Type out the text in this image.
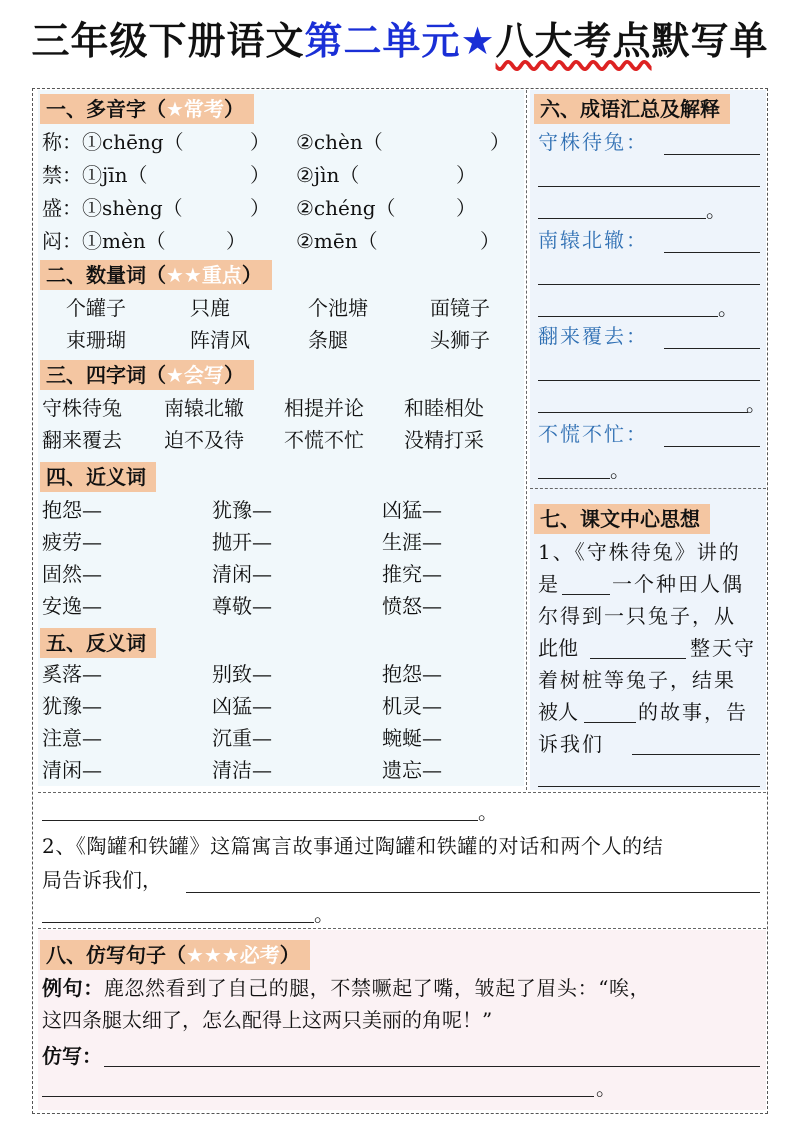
三年级下册语文第二单元★八大考点默写单
一、多音字（★常考）
称：①chēng（	） ②chèn（	）
禁：①jīn（	） ②jìn（	）
盛：①shèng（	） ②chéng（	）
闷：①mèn（	）	②mēn（	）
二、数量词（★★重点）
个罐子	只鹿	个池塘	面镜子
束珊瑚	阵清风	条腿	头狮子
三、四字词（★会写）
守株待兔 南辕北辙 相提并论 和睦相处
翻来覆去 迫不及待 不慌不忙 没精打采
四、近义词
抱怨—	犹豫—	凶猛—
疲劳—	抛开—	生涯—
固然—	清闲—	推究—
安逸—	尊敬—	愤怒—
五、反义词
奚落—	别致—	抱怨—
犹豫—	凶猛—	机灵—
注意—	沉重—	蜿蜒—
清闲—	清洁—	遗忘—
六、成语汇总及解释
守株待兔：
。
南辕北辙：
。
翻来覆去：
。
不慌不忙：
。
七、课文中心思想
1、《守株待兔》讲的
是	一个种田人偶
尔得到一只兔子，从
此他	整天守
着树桩等兔子，结果
被人	的故事，告
诉我们
。
2、《陶罐和铁罐》这篇寓言故事通过陶罐和铁罐的对话和两个人的结
局告诉我们，
。
八、仿写句子（★★★必考）
例句：鹿忽然看到了自己的腿，不禁噘起了嘴，皱起了眉头：“唉，
这四条腿太细了，怎么配得上这两只美丽的角呢！”
仿写：
。
